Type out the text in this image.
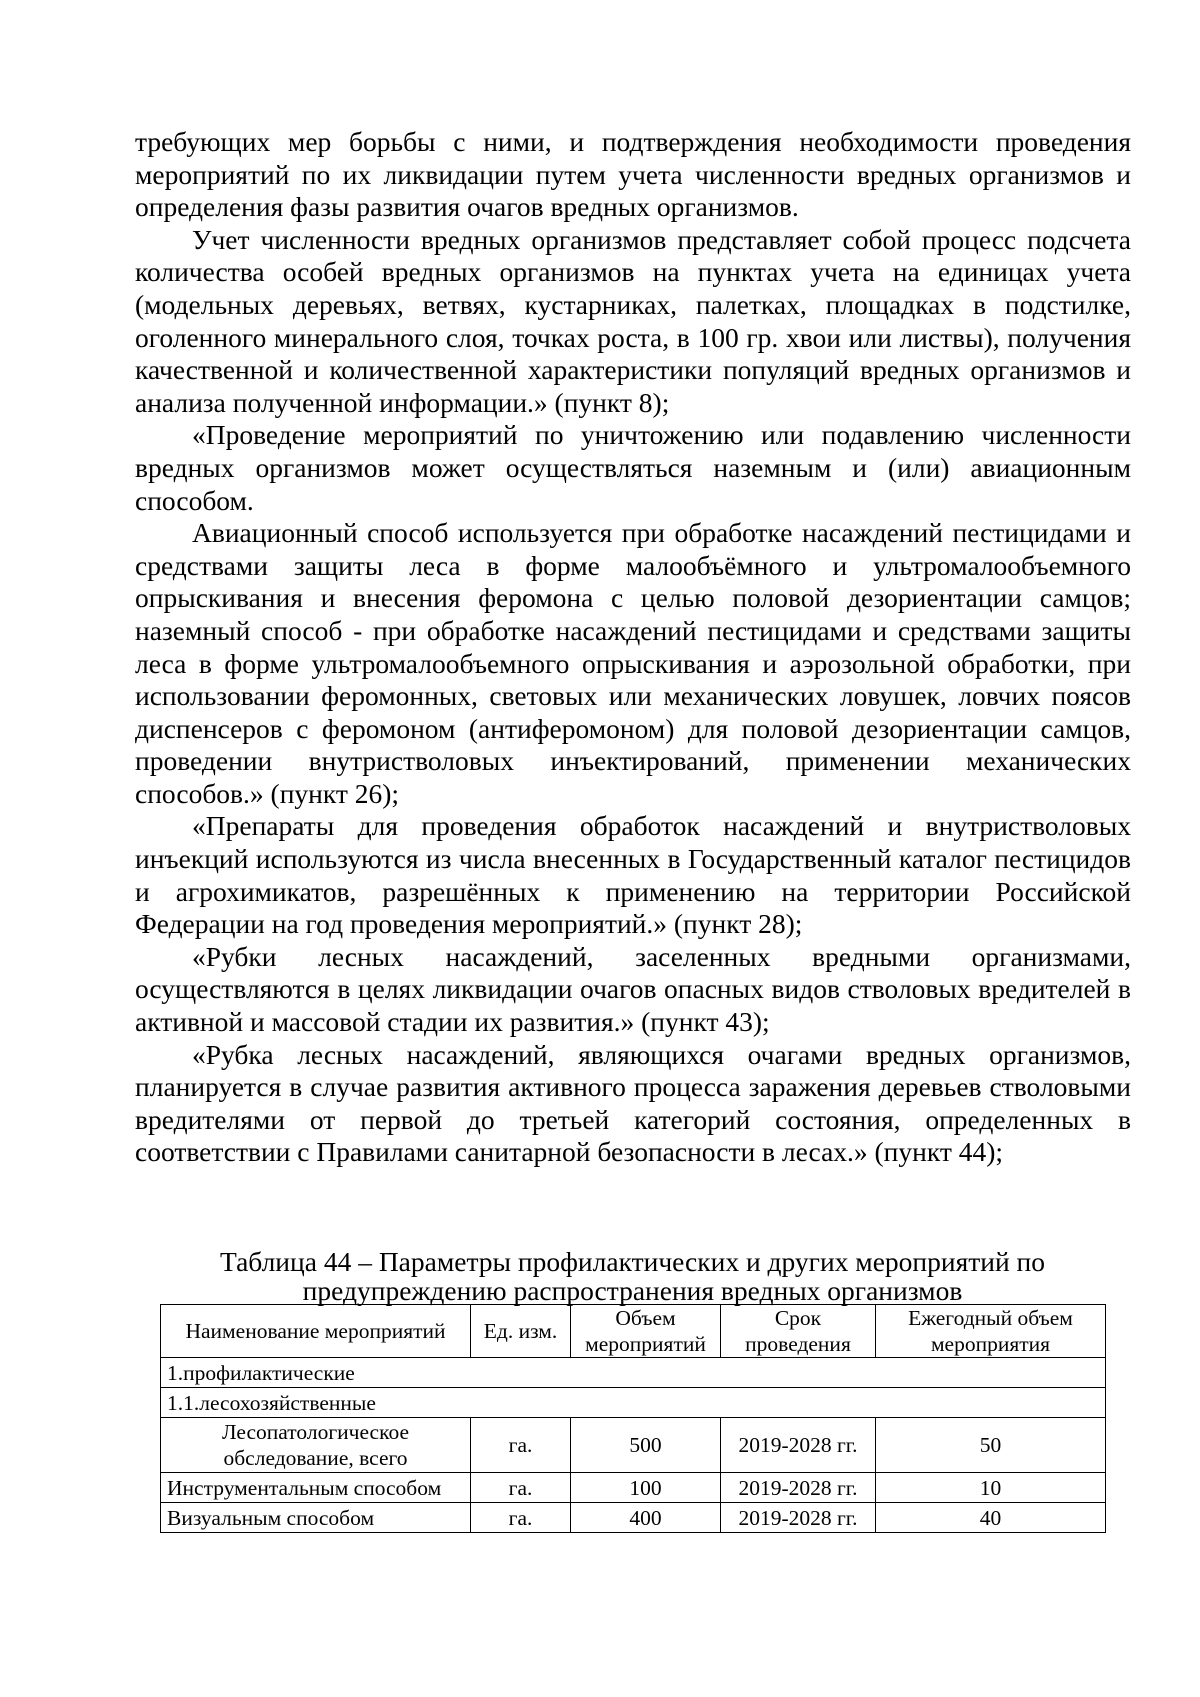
требующих мер борьбы с ними, и подтверждения необходимости проведения мероприятий по их ликвидации путем учета численности вредных организмов и определения фазы развития очагов вредных организмов.

Учет численности вредных организмов представляет собой процесс подсчета количества особей вредных организмов на пунктах учета на единицах учета (модельных деревьях, ветвях, кустарниках, палетках, площадках в подстилке, оголенного минерального слоя, точках роста, в 100 гр. хвои или листвы), получения качественной и количественной характеристики популяций вредных организмов и анализа полученной информации.» (пункт 8);

«Проведение мероприятий по уничтожению или подавлению численности вредных организмов может осуществляться наземным и (или) авиационным способом.

Авиационный способ используется при обработке насаждений пестицидами и средствами защиты леса в форме малообъёмного и ультромалообъемного опрыскивания и внесения феромона с целью половой дезориентации самцов; наземный способ - при обработке насаждений пестицидами и средствами защиты леса в форме ультромалообъемного опрыскивания и аэрозольной обработки, при использовании феромонных, световых или механических ловушек, ловчих поясов диспенсеров с феромоном (антиферомоном) для половой дезориентации самцов, проведении внутристволовых инъектирований, применении механических способов.» (пункт 26);

«Препараты для проведения обработок насаждений и внутристволовых инъекций используются из числа внесенных в Государственный каталог пестицидов и агрохимикатов, разрешённых к применению на территории Российской Федерации на год проведения мероприятий.» (пункт 28);

«Рубки лесных насаждений, заселенных вредными организмами, осуществляются в целях ликвидации очагов опасных видов стволовых вредителей в активной и массовой стадии их развития.» (пункт 43);

«Рубка лесных насаждений, являющихся очагами вредных организмов, планируется в случае развития активного процесса заражения деревьев стволовыми вредителями от первой до третьей категорий состояния, определенных в соответствии с Правилами санитарной безопасности в лесах.» (пункт 44);

Таблица 44 – Параметры профилактических и других мероприятий по предупреждению распространения вредных организмов
Наименование мероприятий	Ед. изм.	Объем мероприятий	Срок проведения	Ежегодный объем мероприятия
1.профилактические				
1.1.лесохозяйственные				
Лесопатологическое обследование, всего	га.	500	2019-2028 гг.	50
Инструментальным способом	га.	100	2019-2028 гг.	10
Визуальным способом	га.	400	2019-2028 гг.	40
